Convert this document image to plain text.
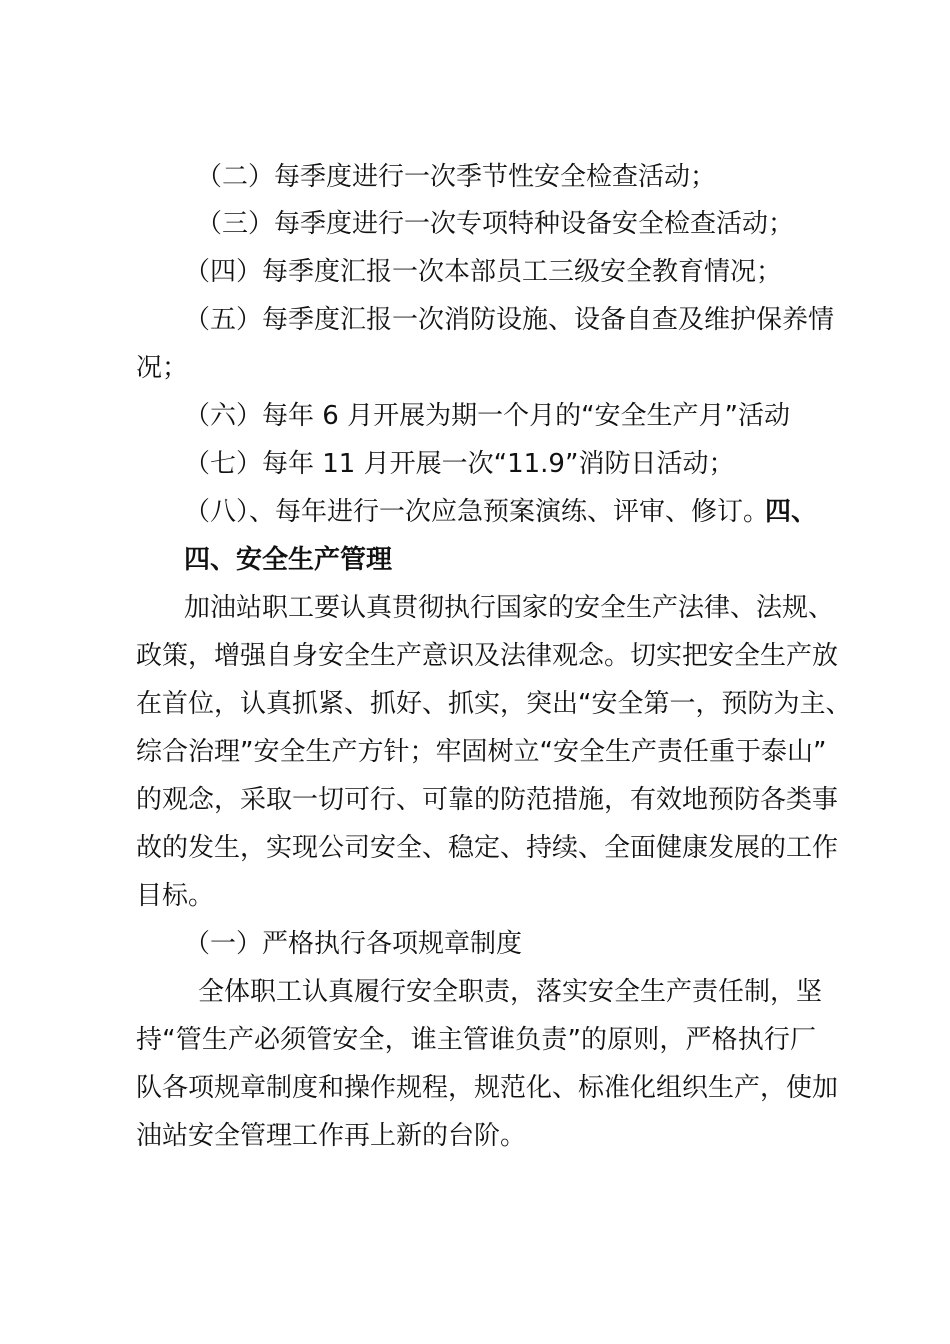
（二）每季度进行一次季节性安全检查活动；
（三）每季度进行一次专项特种设备安全检查活动；
（四）每季度汇报一次本部员工三级安全教育情况；
（五）每季度汇报一次消防设施、设备自查及维护保养情
况；
（六）每年 6 月开展为期一个月的“安全生产月”活动
（七）每年 11 月开展一次“11.9”消防日活动；
（八）、每年进行一次应急预案演练、评审、修订。
四、
四、安全生产管理
加油站职工要认真贯彻执行国家的安全生产法律、法规、
政策，增强自身安全生产意识及法律观念。切实把安全生产放
在首位，认真抓紧、抓好、抓实，突出“安全第一，预防为主、
综合治理”安全生产方针；牢固树立“安全生产责任重于泰山”
的观念，采取一切可行、可靠的防范措施，有效地预防各类事
故的发生，实现公司安全、稳定、持续、全面健康发展的工作
目标。
（一）严格执行各项规章制度
全体职工认真履行安全职责，落实安全生产责任制，坚
持“管生产必须管安全，谁主管谁负责”的原则，严格执行厂
队各项规章制度和操作规程，规范化、标准化组织生产，使加
油站安全管理工作再上新的台阶。
